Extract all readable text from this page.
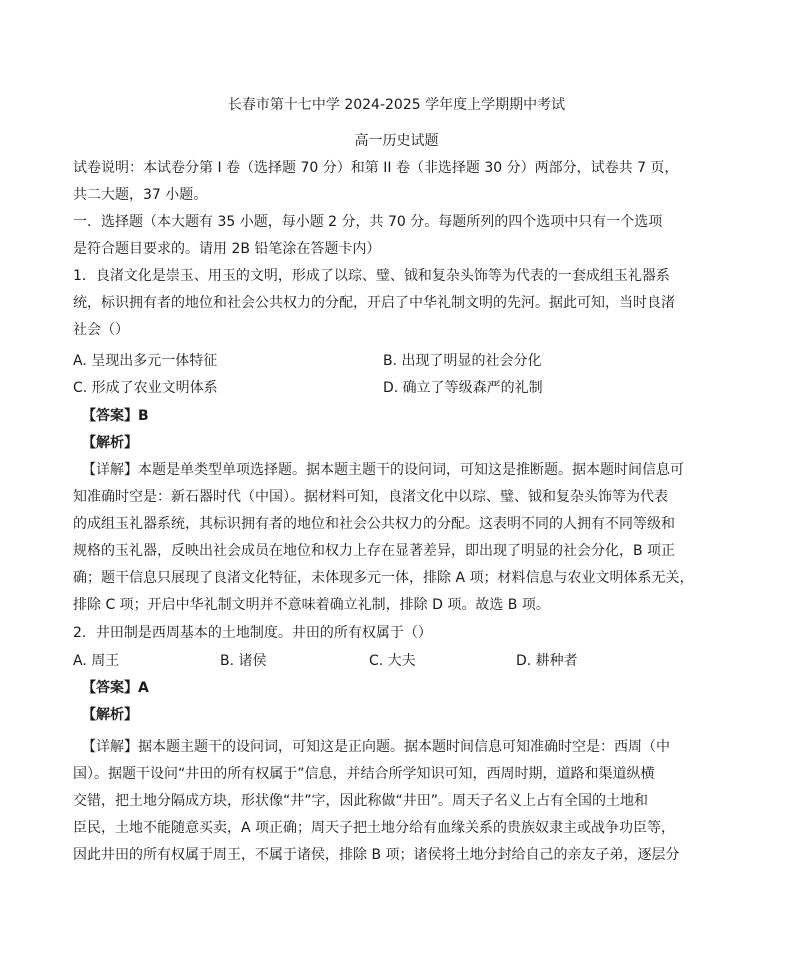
长春市第十七中学 2024-2025 学年度上学期期中考试
高一历史试题
试卷说明：本试卷分第 I 卷（选择题 70 分）和第 II 卷（非选择题 30 分）两部分，试卷共 7 页，
共二大题，37 小题。
一．选择题（本大题有 35 小题，每小题 2 分，共 70 分。每题所列的四个选项中只有一个选项
是符合题目要求的。请用 2B 铅笔涂在答题卡内）
1．良渚文化是崇玉、用玉的文明，形成了以琮、璧、钺和复杂头饰等为代表的一套成组玉礼器系
统，标识拥有者的地位和社会公共权力的分配，开启了中华礼制文明的先河。据此可知，当时良渚
社会（）
A. 呈现出多元一体特征	B. 出现了明显的社会分化
C. 形成了农业文明体系	D. 确立了等级森严的礼制
【答案】B
【解析】
【详解】本题是单类型单项选择题。据本题主题干的设问词，可知这是推断题。据本题时间信息可
知准确时空是：新石器时代（中国）。据材料可知，良渚文化中以琮、璧、钺和复杂头饰等为代表
的成组玉礼器系统，其标识拥有者的地位和社会公共权力的分配。这表明不同的人拥有不同等级和
规格的玉礼器，反映出社会成员在地位和权力上存在显著差异，即出现了明显的社会分化，B 项正
确；题干信息只展现了良渚文化特征，未体现多元一体，排除 A 项；材料信息与农业文明体系无关，
排除 C 项；开启中华礼制文明并不意味着确立礼制，排除 D 项。故选 B 项。
2．井田制是西周基本的土地制度。井田的所有权属于（）
A. 周王	B. 诸侯	C. 大夫	D. 耕种者
【答案】A
【解析】
【详解】据本题主题干的设问词，可知这是正向题。据本题时间信息可知准确时空是：西周（中
国）。据题干设问“井田的所有权属于”信息，并结合所学知识可知，西周时期，道路和渠道纵横
交错，把土地分隔成方块，形状像“井”字，因此称做“井田”。周天子名义上占有全国的土地和
臣民，土地不能随意买卖，A 项正确；周天子把土地分给有血缘关系的贵族奴隶主或战争功臣等，
因此井田的所有权属于周王，不属于诸侯，排除 B 项；诸侯将土地分封给自己的亲友子弟，逐层分
